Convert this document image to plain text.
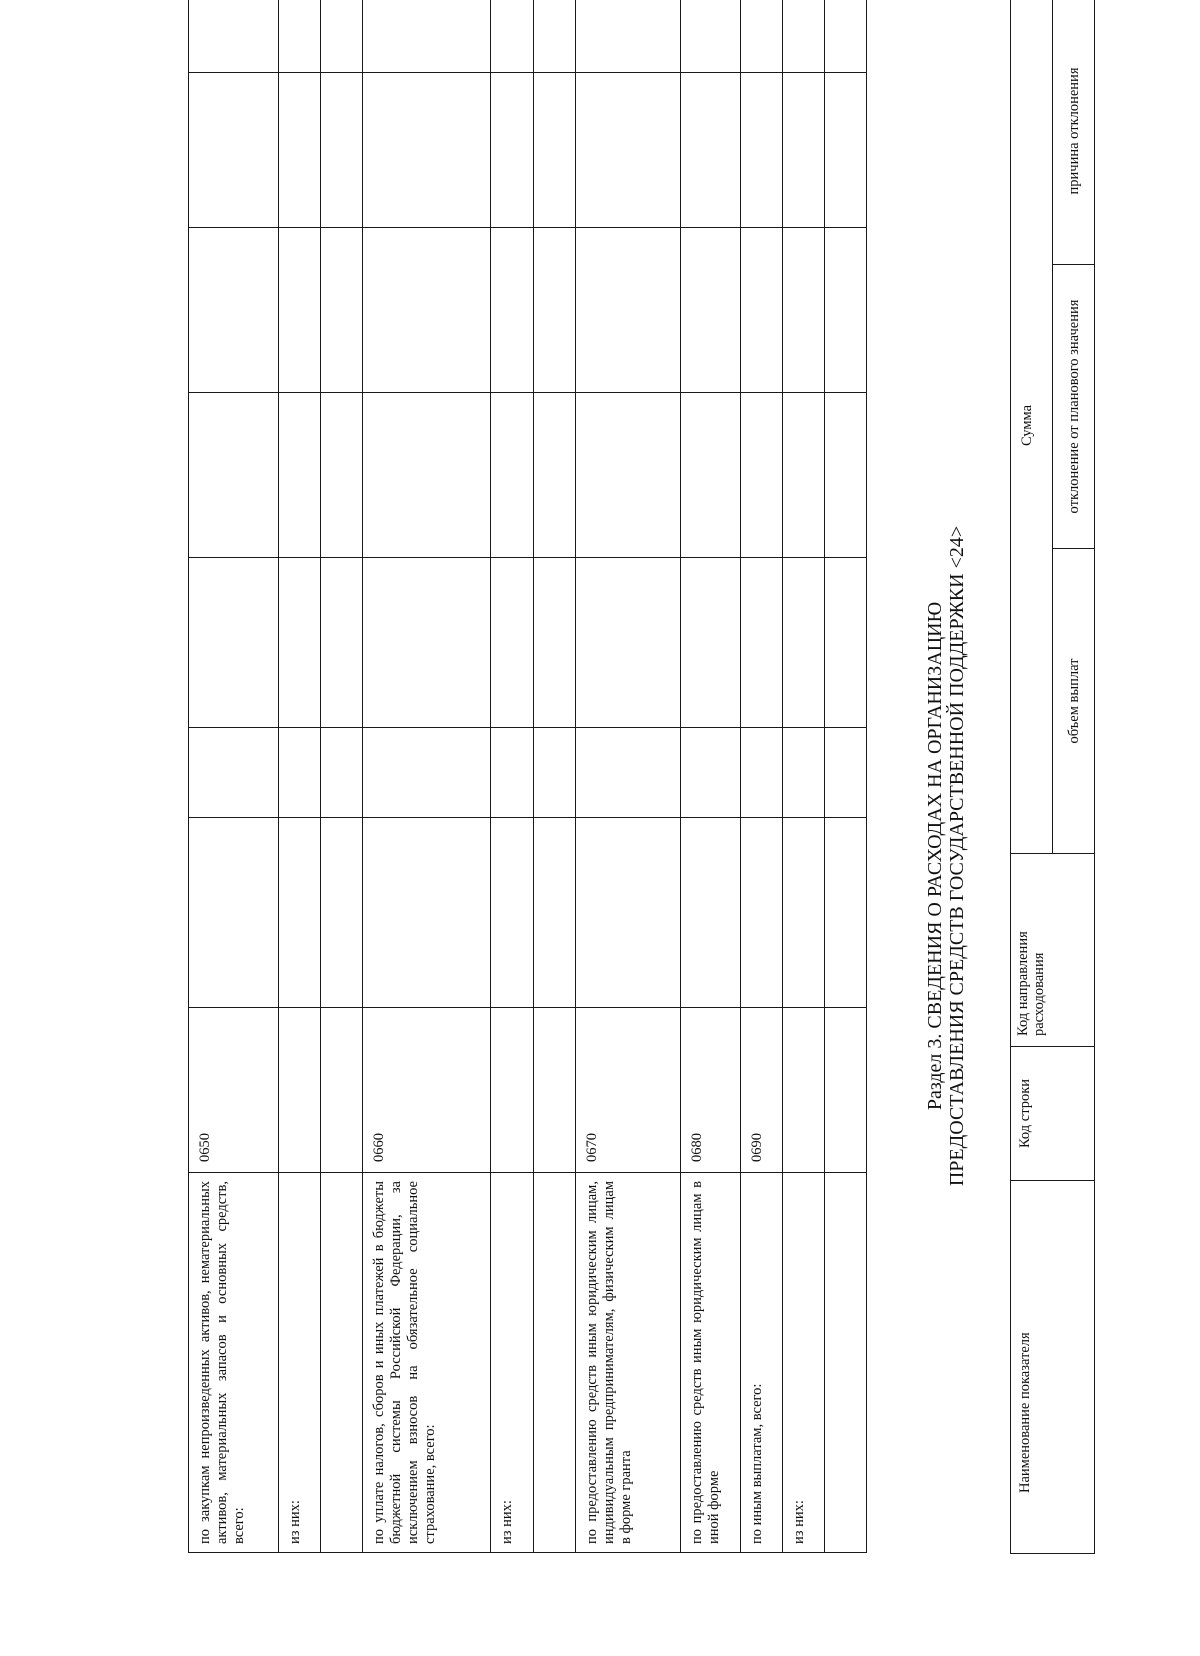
по закупкам непроизведенных активов, нематериальных активов, материальных запасов и основных средств, всего:	0650								
из них:									

по уплате налогов, сборов и иных платежей в бюджеты бюджетной системы Российской Федерации, за исключением взносов на обязательное социальное страхование, всего:	0660								
из них:									

по предоставлению средств иным юридическим лицам, индивидуальным предпринимателям, физическим лицам в форме гранта	0670								
по предоставлению средств иным юридическим лицам в иной форме	0680								
по иным выплатам, всего:	0690								
из них:									

Раздел 3. СВЕДЕНИЯ О РАСХОДАХ НА ОРГАНИЗАЦИЮ ПРЕДОСТАВЛЕНИЯ СРЕДСТВ ГОСУДАРСТВЕННОЙ ПОДДЕРЖКИ <24>
Наименование показателя	Код строки	Код направления расходования	Сумма		
			объем выплат	отклонение от планового значения	причина отклонения
